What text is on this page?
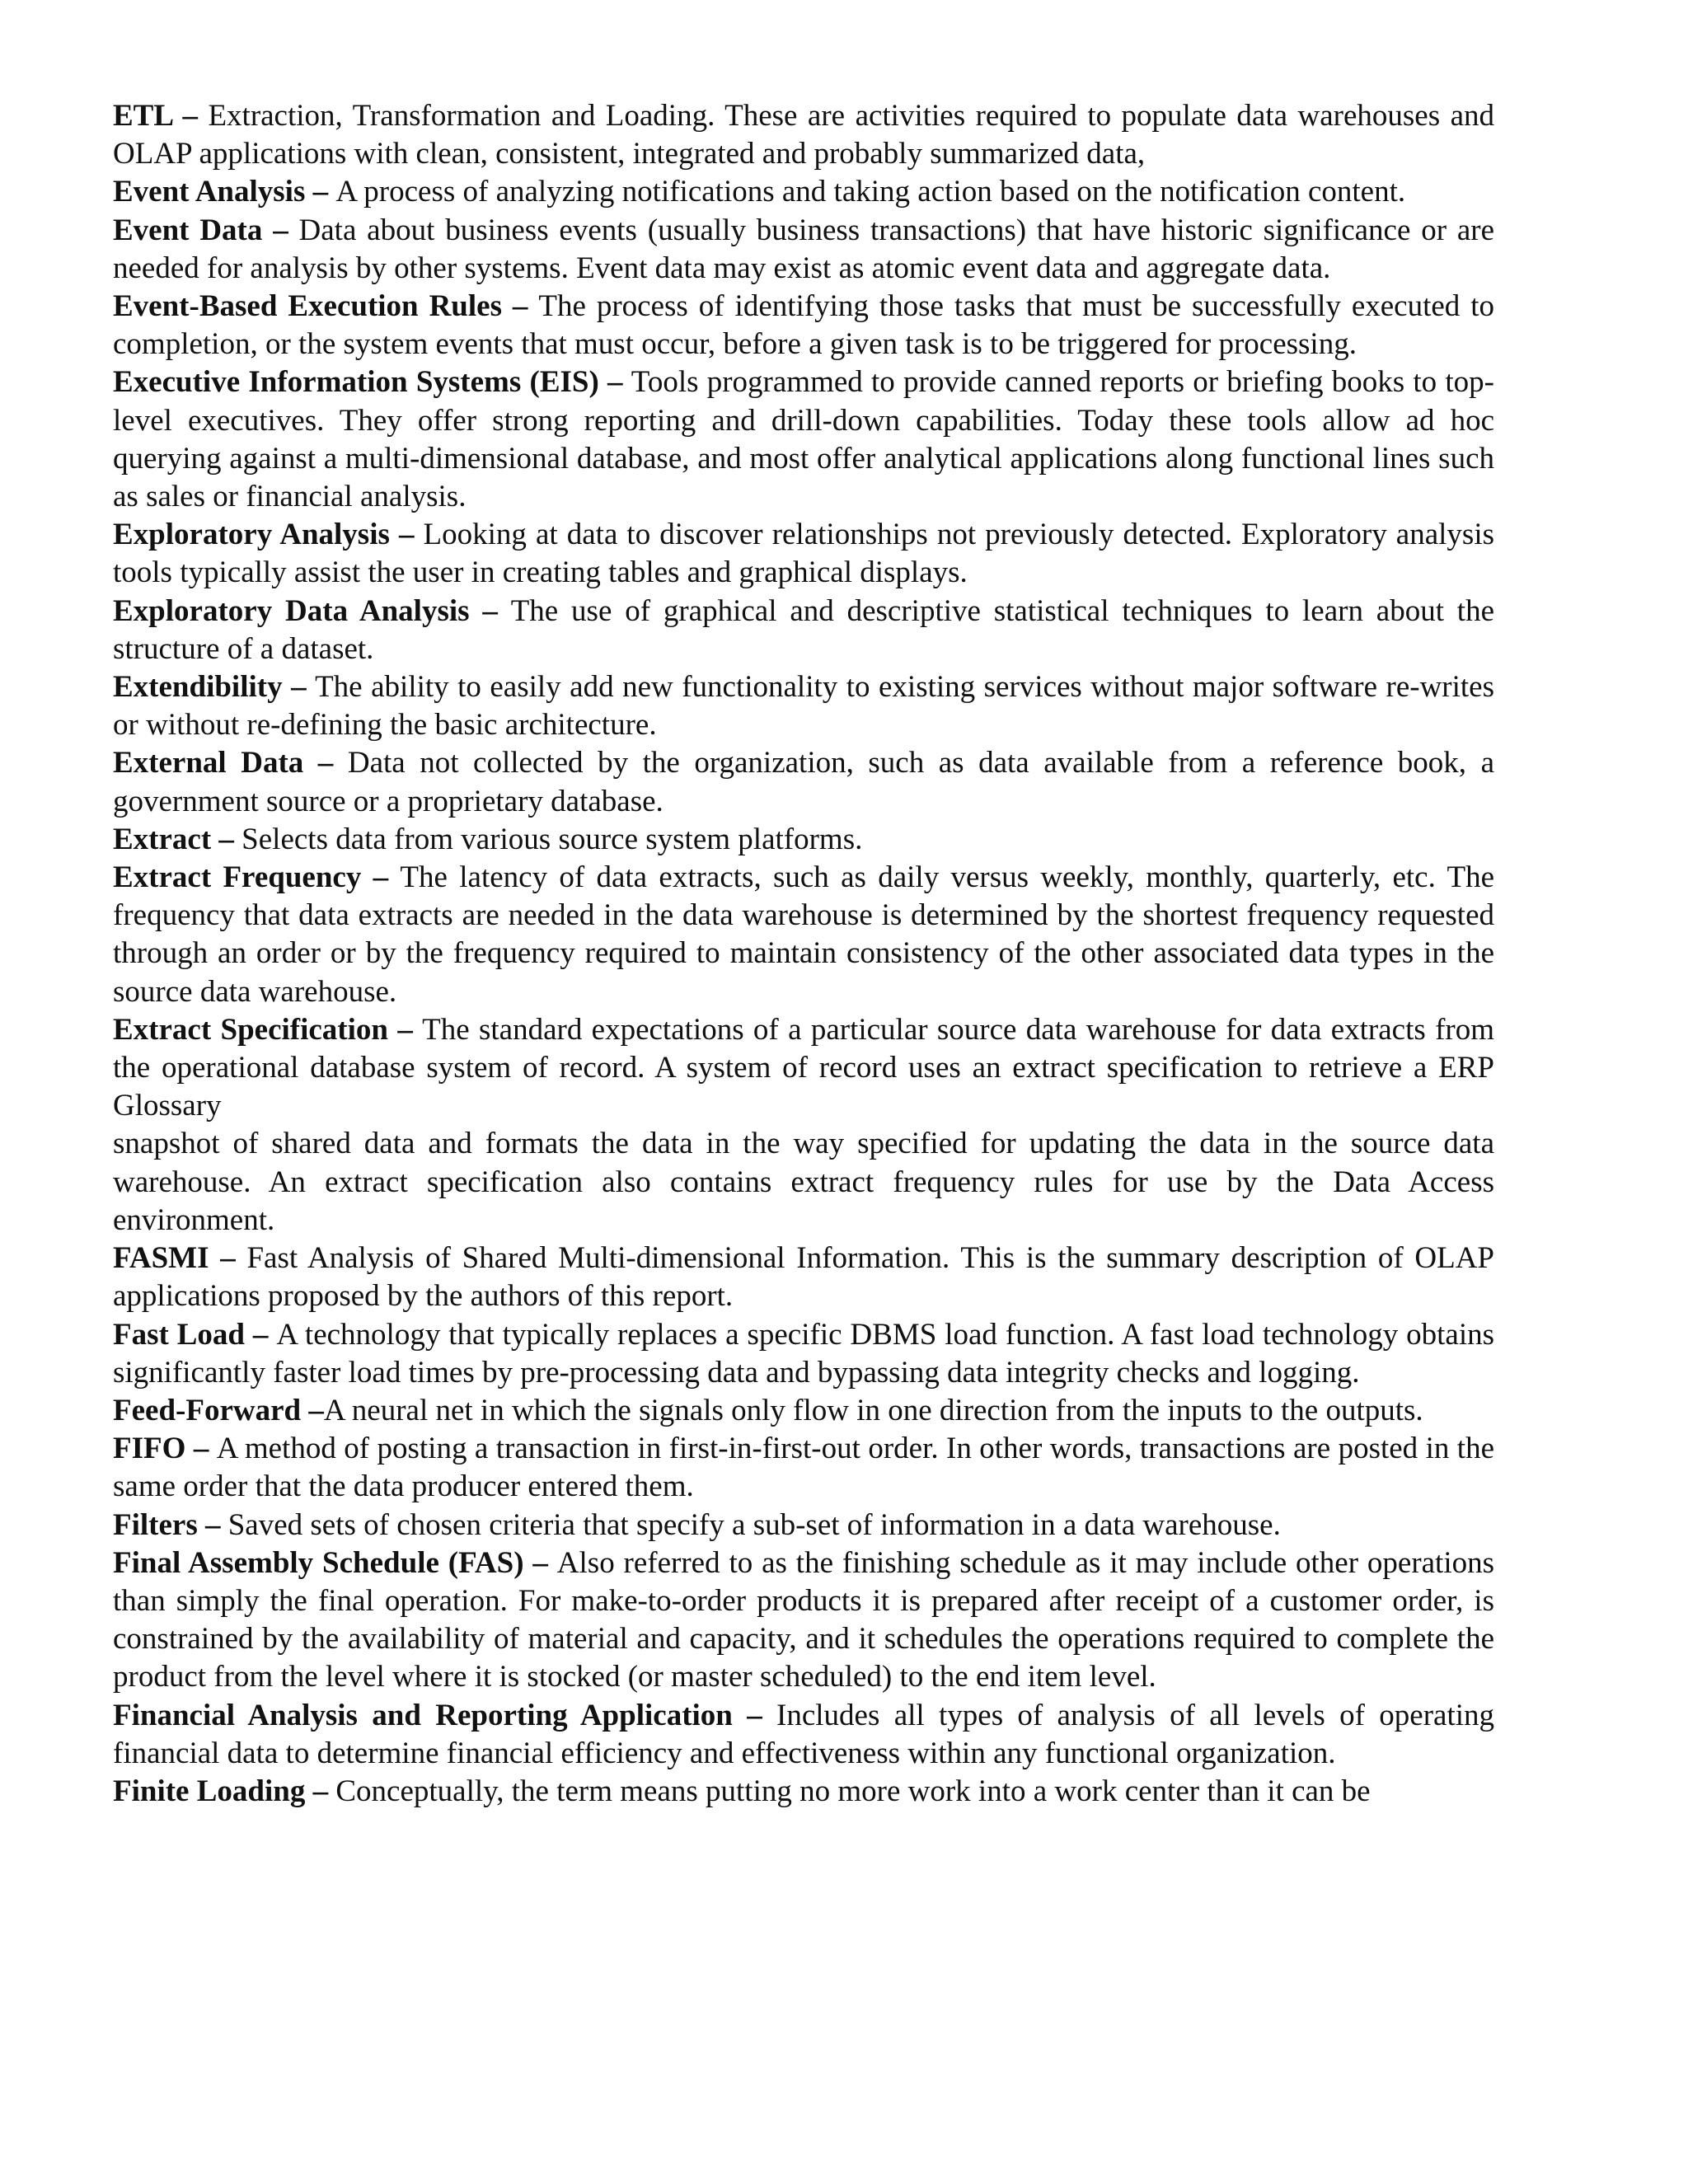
ETL – Extraction, Transformation and Loading. These are activities required to populate data warehouses and OLAP applications with clean, consistent, integrated and probably summarized data,

Event Analysis – A process of analyzing notifications and taking action based on the notification content.

Event Data – Data about business events (usually business transactions) that have historic significance or are needed for analysis by other systems. Event data may exist as atomic event data and aggregate data.

Event-Based Execution Rules – The process of identifying those tasks that must be successfully executed to completion, or the system events that must occur, before a given task is to be triggered for processing.

Executive Information Systems (EIS) – Tools programmed to provide canned reports or briefing books to top-level executives. They offer strong reporting and drill-down capabilities. Today these tools allow ad hoc querying against a multi-dimensional database, and most offer analytical applications along functional lines such as sales or financial analysis.

Exploratory Analysis – Looking at data to discover relationships not previously detected. Exploratory analysis tools typically assist the user in creating tables and graphical displays.

Exploratory Data Analysis – The use of graphical and descriptive statistical techniques to learn about the structure of a dataset.

Extendibility – The ability to easily add new functionality to existing services without major software re-writes or without re-defining the basic architecture.

External Data – Data not collected by the organization, such as data available from a reference book, a government source or a proprietary database.

Extract – Selects data from various source system platforms.

Extract Frequency – The latency of data extracts, such as daily versus weekly, monthly, quarterly, etc. The frequency that data extracts are needed in the data warehouse is determined by the shortest frequency requested through an order or by the frequency required to maintain consistency of the other associated data types in the source data warehouse.

Extract Specification – The standard expectations of a particular source data warehouse for data extracts from the operational database system of record. A system of record uses an extract specification to retrieve a ERP Glossary

snapshot of shared data and formats the data in the way specified for updating the data in the source data warehouse. An extract specification also contains extract frequency rules for use by the Data Access environment.

FASMI – Fast Analysis of Shared Multi-dimensional Information. This is the summary description of OLAP applications proposed by the authors of this report.

Fast Load – A technology that typically replaces a specific DBMS load function. A fast load technology obtains significantly faster load times by pre-processing data and bypassing data integrity checks and logging.

Feed-Forward –A neural net in which the signals only flow in one direction from the inputs to the outputs.

FIFO – A method of posting a transaction in first-in-first-out order. In other words, transactions are posted in the same order that the data producer entered them.

Filters – Saved sets of chosen criteria that specify a sub-set of information in a data warehouse.

Final Assembly Schedule (FAS) – Also referred to as the finishing schedule as it may include other operations than simply the final operation. For make-to-order products it is prepared after receipt of a customer order, is constrained by the availability of material and capacity, and it schedules the operations required to complete the product from the level where it is stocked (or master scheduled) to the end item level.

Financial Analysis and Reporting Application – Includes all types of analysis of all levels of operating financial data to determine financial efficiency and effectiveness within any functional organization.

Finite Loading – Conceptually, the term means putting no more work into a work center than it can be
